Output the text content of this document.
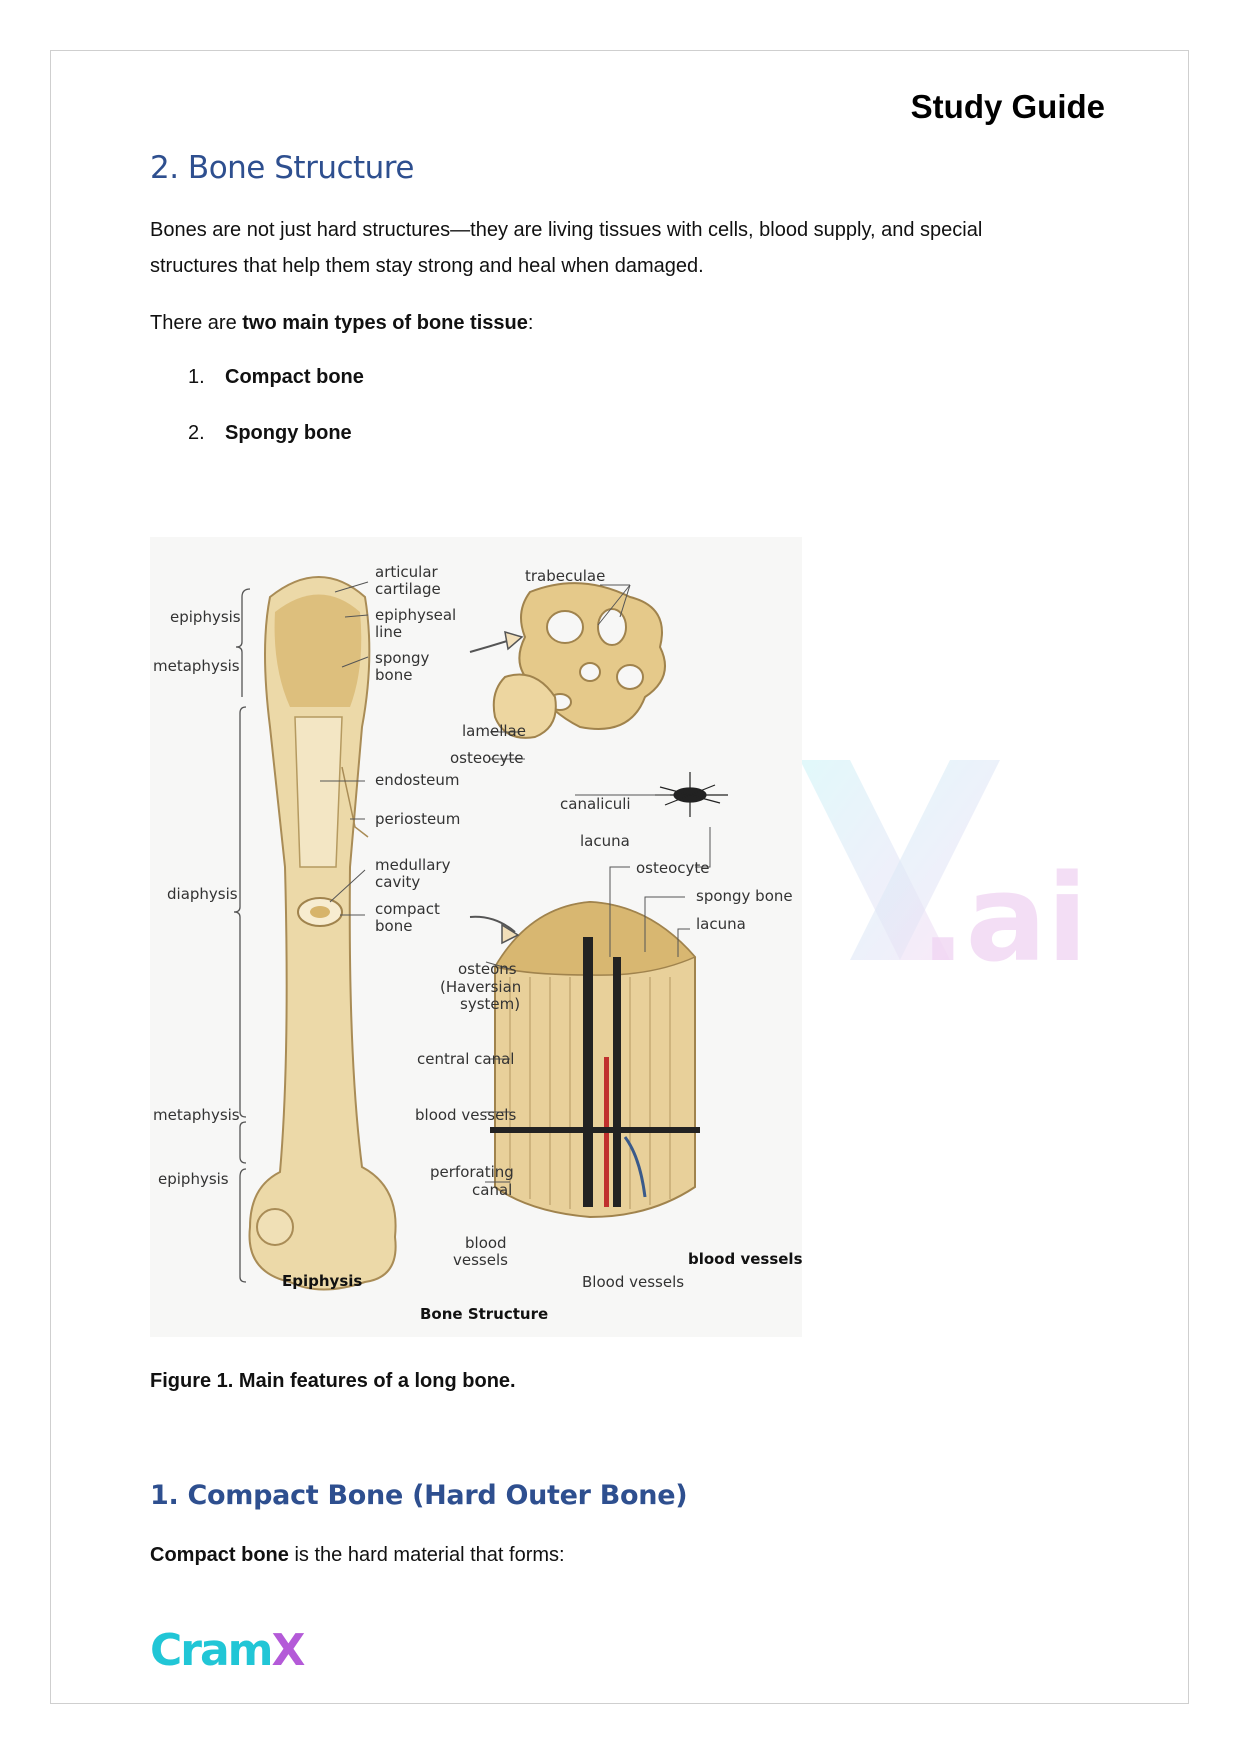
Study Guide
2. Bone Structure

Bones are not just hard structures—they are living tissues with cells, blood supply, and special structures that help them stay strong and heal when damaged.

There are two main types of bone tissue:

1. Compact bone
2. Spongy bone
.ai
articular
cartilage
trabeculae
epiphysis	epiphyseal
line
metaphysis	spongy
bone
lamellae
osteocyte
endosteum
canaliculi
periosteum
lacuna
medullary
cavity
osteocyte
diaphysis	spongy bone
compact
bone	lacuna
osteons
(Haversian
system)
central canal
metaphysis	blood vessels
epiphysis	perforating
canal
blood
vessels	blood vessels
Epiphysis	Blood vessels
Bone Structure
Figure 1. Main features of a long bone.
1. Compact Bone (Hard Outer Bone)

Compact bone is the hard material that forms:

CramX
